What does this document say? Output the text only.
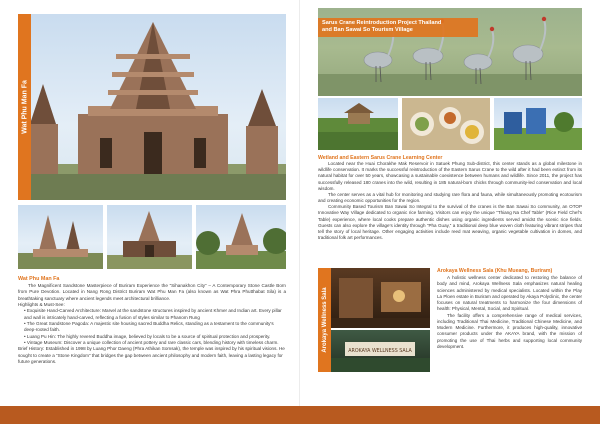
Wat Phu Man Fa
Wat Phu Man Fa

The Magnificent Sandstone Masterpiece of Buriram Experience the “Sihanakhon City” – A Contemporary Stone Castle Born from Pure Devotion. Located in Nang Rong District Buriram Wat Phu Man Fa (also known as Wat Phra Phutthabat Sila) is a breathtaking sanctuary where ancient legends meet architectural brilliance.

Highlights & Must-See:

• Exquisite Hand-Carved Architecture: Marvel at the sandstone structures inspired by ancient Khmer and Indian art. Every pillar and wall is intricately hand-carved, reflecting a fusion of styles similar to Phanom Rung

• The Great Sandstone Pagoda: A majestic site housing sacred Buddha Relics, standing as a testament to the community’s deep-rooted faith.

• Luang Pu Hin: The highly revered Buddha image, believed by locals to be a source of spiritual protection and prosperity.

• Vintage Museum: Discover a unique collection of ancient pottery and rare classic cars, blending history with timeless charm.

Brief History: Established in 1998 by Luang Phor Daeng (Phra Athikan Somsak), the temple was inspired by his spiritual visions. He sought to create a “Stone Kingdom” that bridges the gap between ancient philosophy and modern faith, leaving a lasting legacy for future generations.

Sarus Crane Reintroduction Project Thailand
and Ban Sawai So Tourism Village
Wetland and Eastern Sarus Crane Learning Center

Located near the Huai Chorakhe Mak Reservoir in Satuek Phung Sub-district, this center stands as a global milestone in wildlife conservation. It marks the successful reintroduction of the Eastern Sarus Crane to the wild after it had been extinct from its natural habitat for over 50 years, showcasing a sustainable coexistence between humans and wildlife. Since 2011, the project has successfully released 180 cranes into the wild, resulting in 185 natural-born chicks through community-led conservation and local wisdom.

The center serves as a vital hub for monitoring and studying rare flora and fauna, while simultaneously promoting ecotourism and creating economic opportunities for the region.

Community Based Tourism Ban Sawai So Integral to the survival of the cranes is the Ban Sawai So community, an OTOP Innovative Way Village dedicated to organic rice farming. Visitors can enjoy the unique “Thiang Na Chef Table” (Rice Field Chef’s Table) experience, where local cooks prepare authentic dishes using organic ingredients served amidst the scenic rice fields. Guests can also explore the village’s identity through “Pha Guay,” a traditional deep blue woven cloth featuring vibrant stripes that tell the story of local heritage. Other engaging activities include reed mat weaving, organic vegetable cultivation in domes, and traditional folk art performances.

Arokaya Wellness Sala	AROKAYA WELLNESS SALA
Arokaya Wellness Sala (Khu Mueang, Buriram)

A holistic wellness center dedicated to restoring the balance of body and mind, Arokaya Wellness Sala emphasizes natural healing sciences administered by medical specialists. Located within the Play La Ploen estate in Buriram and operated by Akaya Polyclinic, the center focuses on natural treatments to harmonize the four dimensions of health: Physical, Mental, Social, and Spiritual.

The facility offers a comprehensive range of medical services, including Traditional Thai Medicine, Traditional Chinese Medicine, and Modern Medicine. Furthermore, it produces high-quality, innovative consumer products under the AKAYA brand, with the mission of promoting the use of Thai herbs and supporting local community development.
